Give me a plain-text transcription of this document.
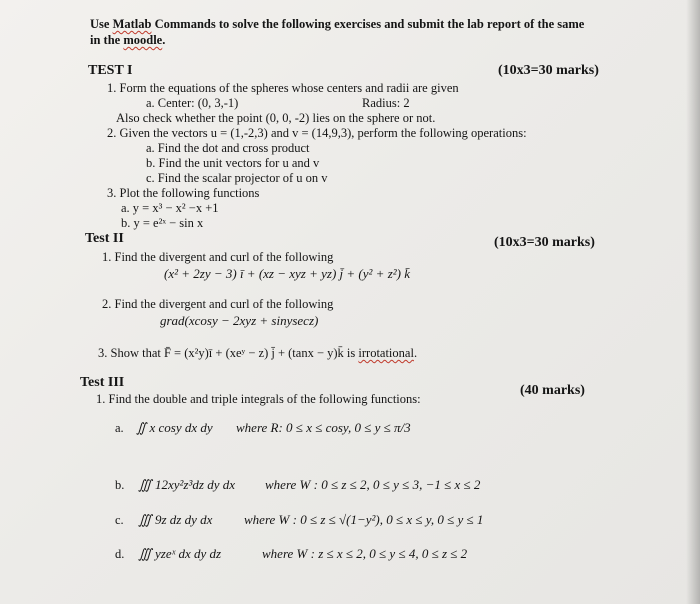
Use Matlab Commands to solve the following exercises and submit the lab report of the same
in the moodle.
TEST I	(10x3=30 marks)
1. Form the equations of the spheres whose centers and radii are given
a. Center: (0, 3,-1)	Radius: 2
Also check whether the point (0, 0, -2) lies on the sphere or not.
2. Given the vectors u = (1,-2,3) and v = (14,9,3), perform the following operations:
a. Find the dot and cross product
b. Find the unit vectors for u and v
c. Find the scalar projector of u on v
3. Plot the following functions
a. y = x³ − x² −x +1
b. y = e²ˣ − sin x
Test II	(10x3=30 marks)
1. Find the divergent and curl of the following
(x² + 2zy − 3) ī + (xz − xyz + yz) j̄ + (y² + z²) k̄
2. Find the divergent and curl of the following
grad(xcosy − 2xyz + sinysecz)
3. Show that F̄ = (x²y)ī + (xeʸ − z) j̄ + (tanx − y)k̄ is irrotational.
Test III
(40 marks)
1. Find the double and triple integrals of the following functions:
a. ∬ x cosy dx dy where R: 0 ≤ x ≤ cosy, 0 ≤ y ≤ π/3
b. ∭ 12xy²z³dz dy dx where W : 0 ≤ z ≤ 2, 0 ≤ y ≤ 3, −1 ≤ x ≤ 2
c. ∭ 9z dz dy dx where W : 0 ≤ z ≤ √(1−y²), 0 ≤ x ≤ y, 0 ≤ y ≤ 1
d. ∭ yzeˣ dx dy dz	where W : z ≤ x ≤ 2, 0 ≤ y ≤ 4, 0 ≤ z ≤ 2
